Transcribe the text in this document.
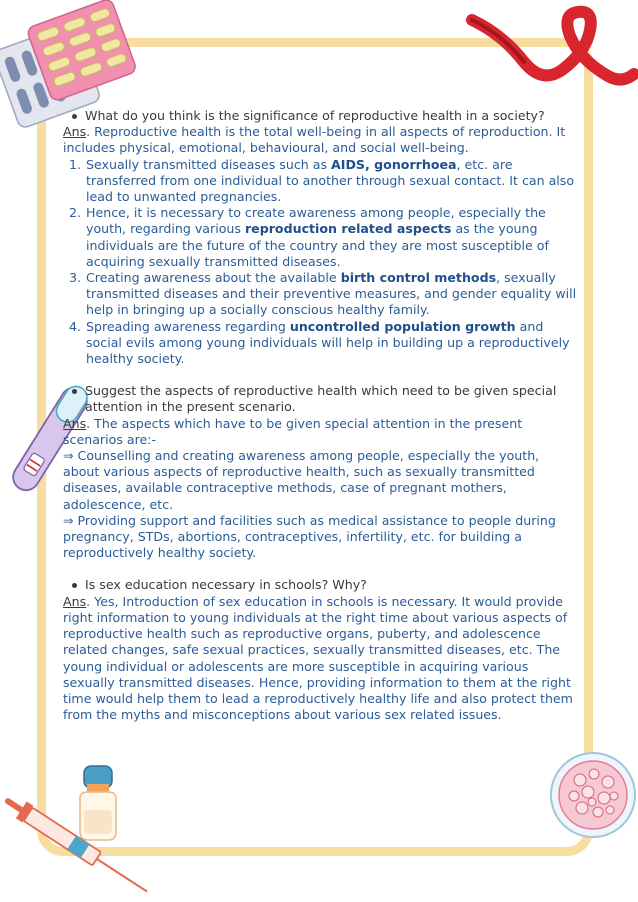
What do you think is the significance of reproductive health in a society?

Ans. Reproductive health is the total well-being in all aspects of reproduction. It includes physical, emotional, behavioural, and social well-being.

1. Sexually transmitted diseases such as AIDS, gonorrhoea, etc. are transferred from one individual to another through sexual contact. It can also lead to unwanted pregnancies.
2. Hence, it is necessary to create awareness among people, especially the youth, regarding various reproduction related aspects as the young individuals are the future of the country and they are most susceptible of acquiring sexually transmitted diseases.
3. Creating awareness about the available birth control methods, sexually transmitted diseases and their preventive measures, and gender equality will help in bringing up a socially conscious healthy family.
4. Spreading awareness regarding uncontrolled population growth and social evils among young individuals will help in building up a reproductively healthy society.
Suggest the aspects of reproductive health which need to be given special attention in the present scenario.

Ans. The aspects which have to be given special attention in the present scenarios are:-

⇒ Counselling and creating awareness among people, especially the youth, about various aspects of reproductive health, such as sexually transmitted diseases, available contraceptive methods, case of pregnant mothers, adolescence, etc.

⇒ Providing support and facilities such as medical assistance to people during pregnancy, STDs, abortions, contraceptives, infertility, etc. for building a reproductively healthy society.

Is sex education necessary in schools? Why?

Ans. Yes, Introduction of sex education in schools is necessary. It would provide right information to young individuals at the right time about various aspects of reproductive health such as reproductive organs, puberty, and adolescence related changes, safe sexual practices, sexually transmitted diseases, etc. The young individual or adolescents are more susceptible in acquiring various sexually transmitted diseases. Hence, providing information to them at the right time would help them to lead a reproductively healthy life and also protect them from the myths and misconceptions about various sex related issues.
